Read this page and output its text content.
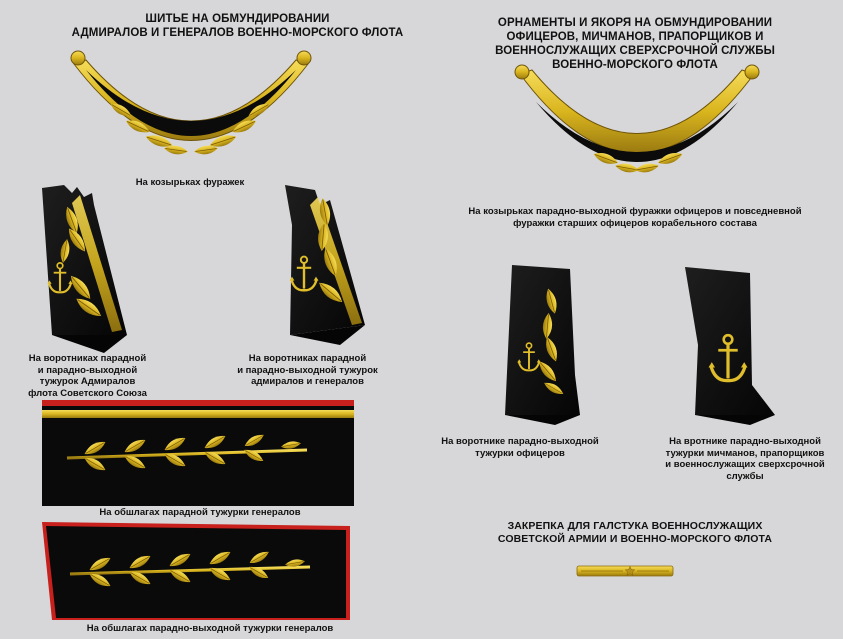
ШИТЬЕ НА ОБМУНДИРОВАНИИ
АДМИРАЛОВ И ГЕНЕРАЛОВ ВОЕННО-МОРСКОГО ФЛОТА
На козырьках фуражек
На воротниках парадной
и парадно-выходной
тужурок Адмиралов
флота Советского Союза
На воротниках парадной
и парадно-выходной тужурок
адмиралов и генералов
На обшлагах парадной тужурки генералов
На обшлагах парадно-выходной тужурки генералов
ОРНАМЕНТЫ И ЯКОРЯ НА ОБМУНДИРОВАНИИ
ОФИЦЕРОВ, МИЧМАНОВ, ПРАПОРЩИКОВ И
ВОЕННОСЛУЖАЩИХ СВЕРХСРОЧНОЙ СЛУЖБЫ
ВОЕННО-МОРСКОГО ФЛОТА
На козырьках парадно-выходной фуражки офицеров и повседневной
фуражки старших офицеров корабельного состава
На воротнике парадно-выходной
тужурки офицеров
На вротнике парадно-выходной
тужурки мичманов, прапорщиков
и военнослужащих сверхсрочной
службы
ЗАКРЕПКА ДЛЯ ГАЛСТУКА ВОЕННОСЛУЖАЩИХ
СОВЕТСКОЙ АРМИИ И ВОЕННО-МОРСКОГО ФЛОТА
